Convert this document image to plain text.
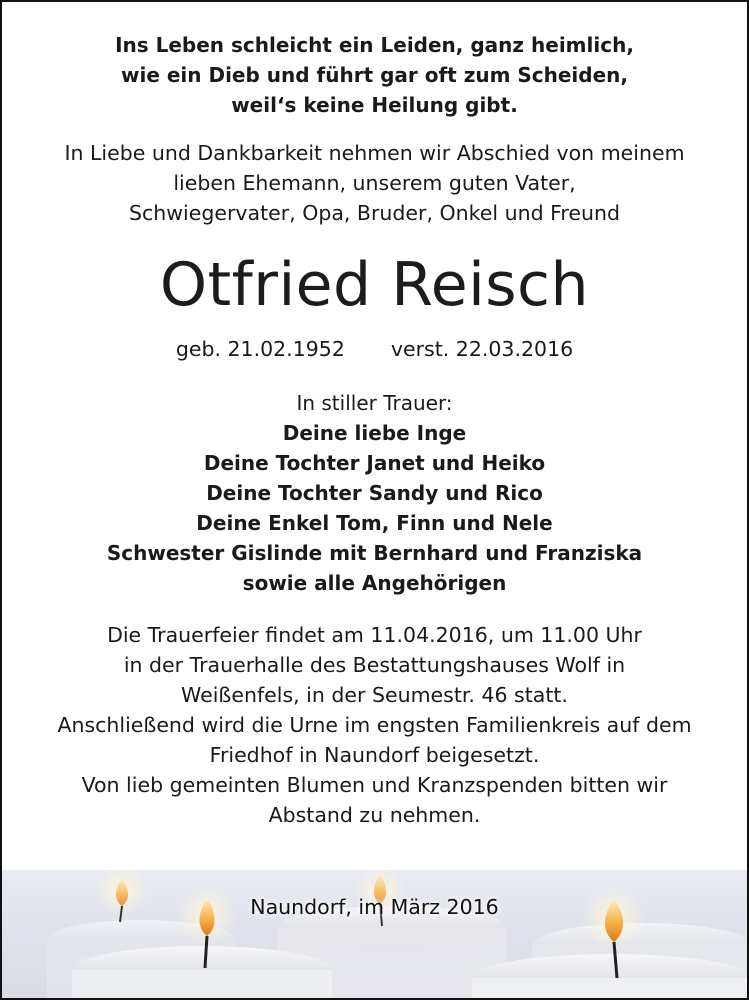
Ins Leben schleicht ein Leiden, ganz heimlich,
wie ein Dieb und führt gar oft zum Scheiden,
weil‘s keine Heilung gibt.
In Liebe und Dankbarkeit nehmen wir Abschied von meinem
lieben Ehemann, unserem guten Vater,
Schwiegervater, Opa, Bruder, Onkel und Freund
Otfried Reisch
geb. 21.02.1952 verst. 22.03.2016
In stiller Trauer:
Deine liebe Inge
Deine Tochter Janet und Heiko
Deine Tochter Sandy und Rico
Deine Enkel Tom, Finn und Nele
Schwester Gislinde mit Bernhard und Franziska
sowie alle Angehörigen
Die Trauerfeier findet am 11.04.2016, um 11.00 Uhr
in der Trauerhalle des Bestattungshauses Wolf in
Weißenfels, in der Seumestr. 46 statt.
Anschließend wird die Urne im engsten Familienkreis auf dem
Friedhof in Naundorf beigesetzt.
Von lieb gemeinten Blumen und Kranzspenden bitten wir
Abstand zu nehmen.
Naundorf, im März 2016
